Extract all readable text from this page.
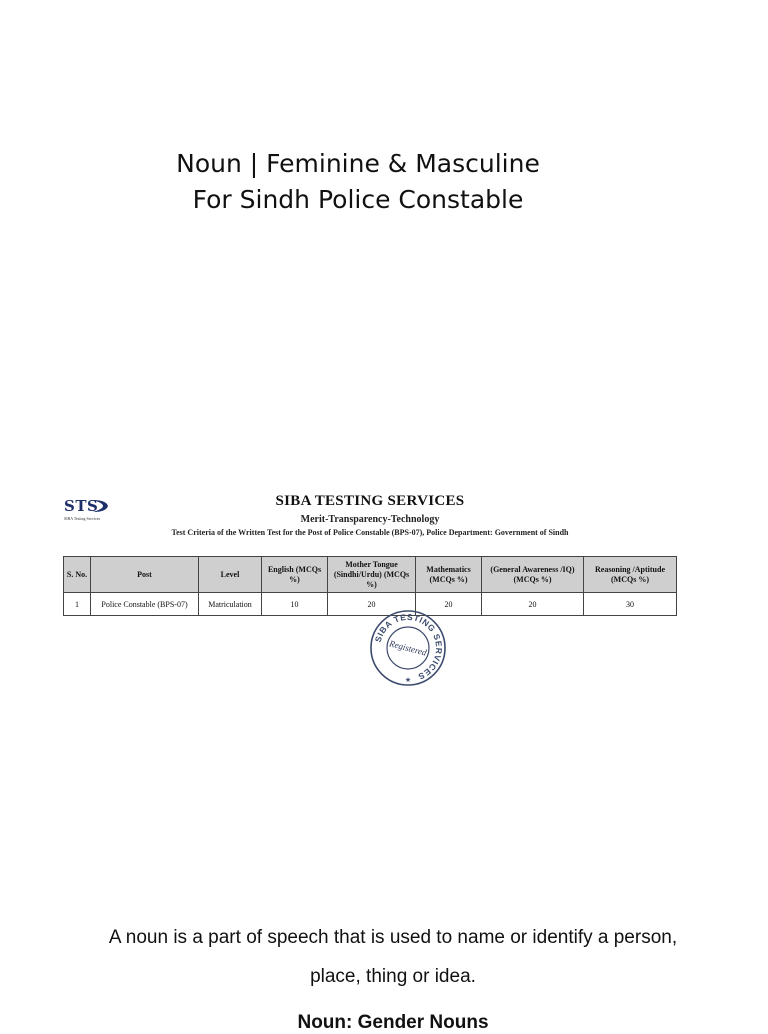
Noun | Feminine & Masculine
For Sindh Police Constable
STS
SIBA Testing Services
SIBA TESTING SERVICES
Merit-Transparency-Technology
Test Criteria of the Written Test for the Post of Police Constable (BPS-07), Police Department: Government of Sindh
S. No.	Post	Level	English (MCQs %)	Mother Tongue (Sindhi/Urdu) (MCQs %)	Mathematics (MCQs %)	(General Awareness /IQ) (MCQs %)	Reasoning /Aptitude (MCQs %)
1	Police Constable (BPS-07)	Matriculation	10	20	20	20	30
SIBA TESTING SERVICES
Registered
★
A noun is a part of speech that is used to name or identify a person,
place, thing or idea.
Noun: Gender Nouns
